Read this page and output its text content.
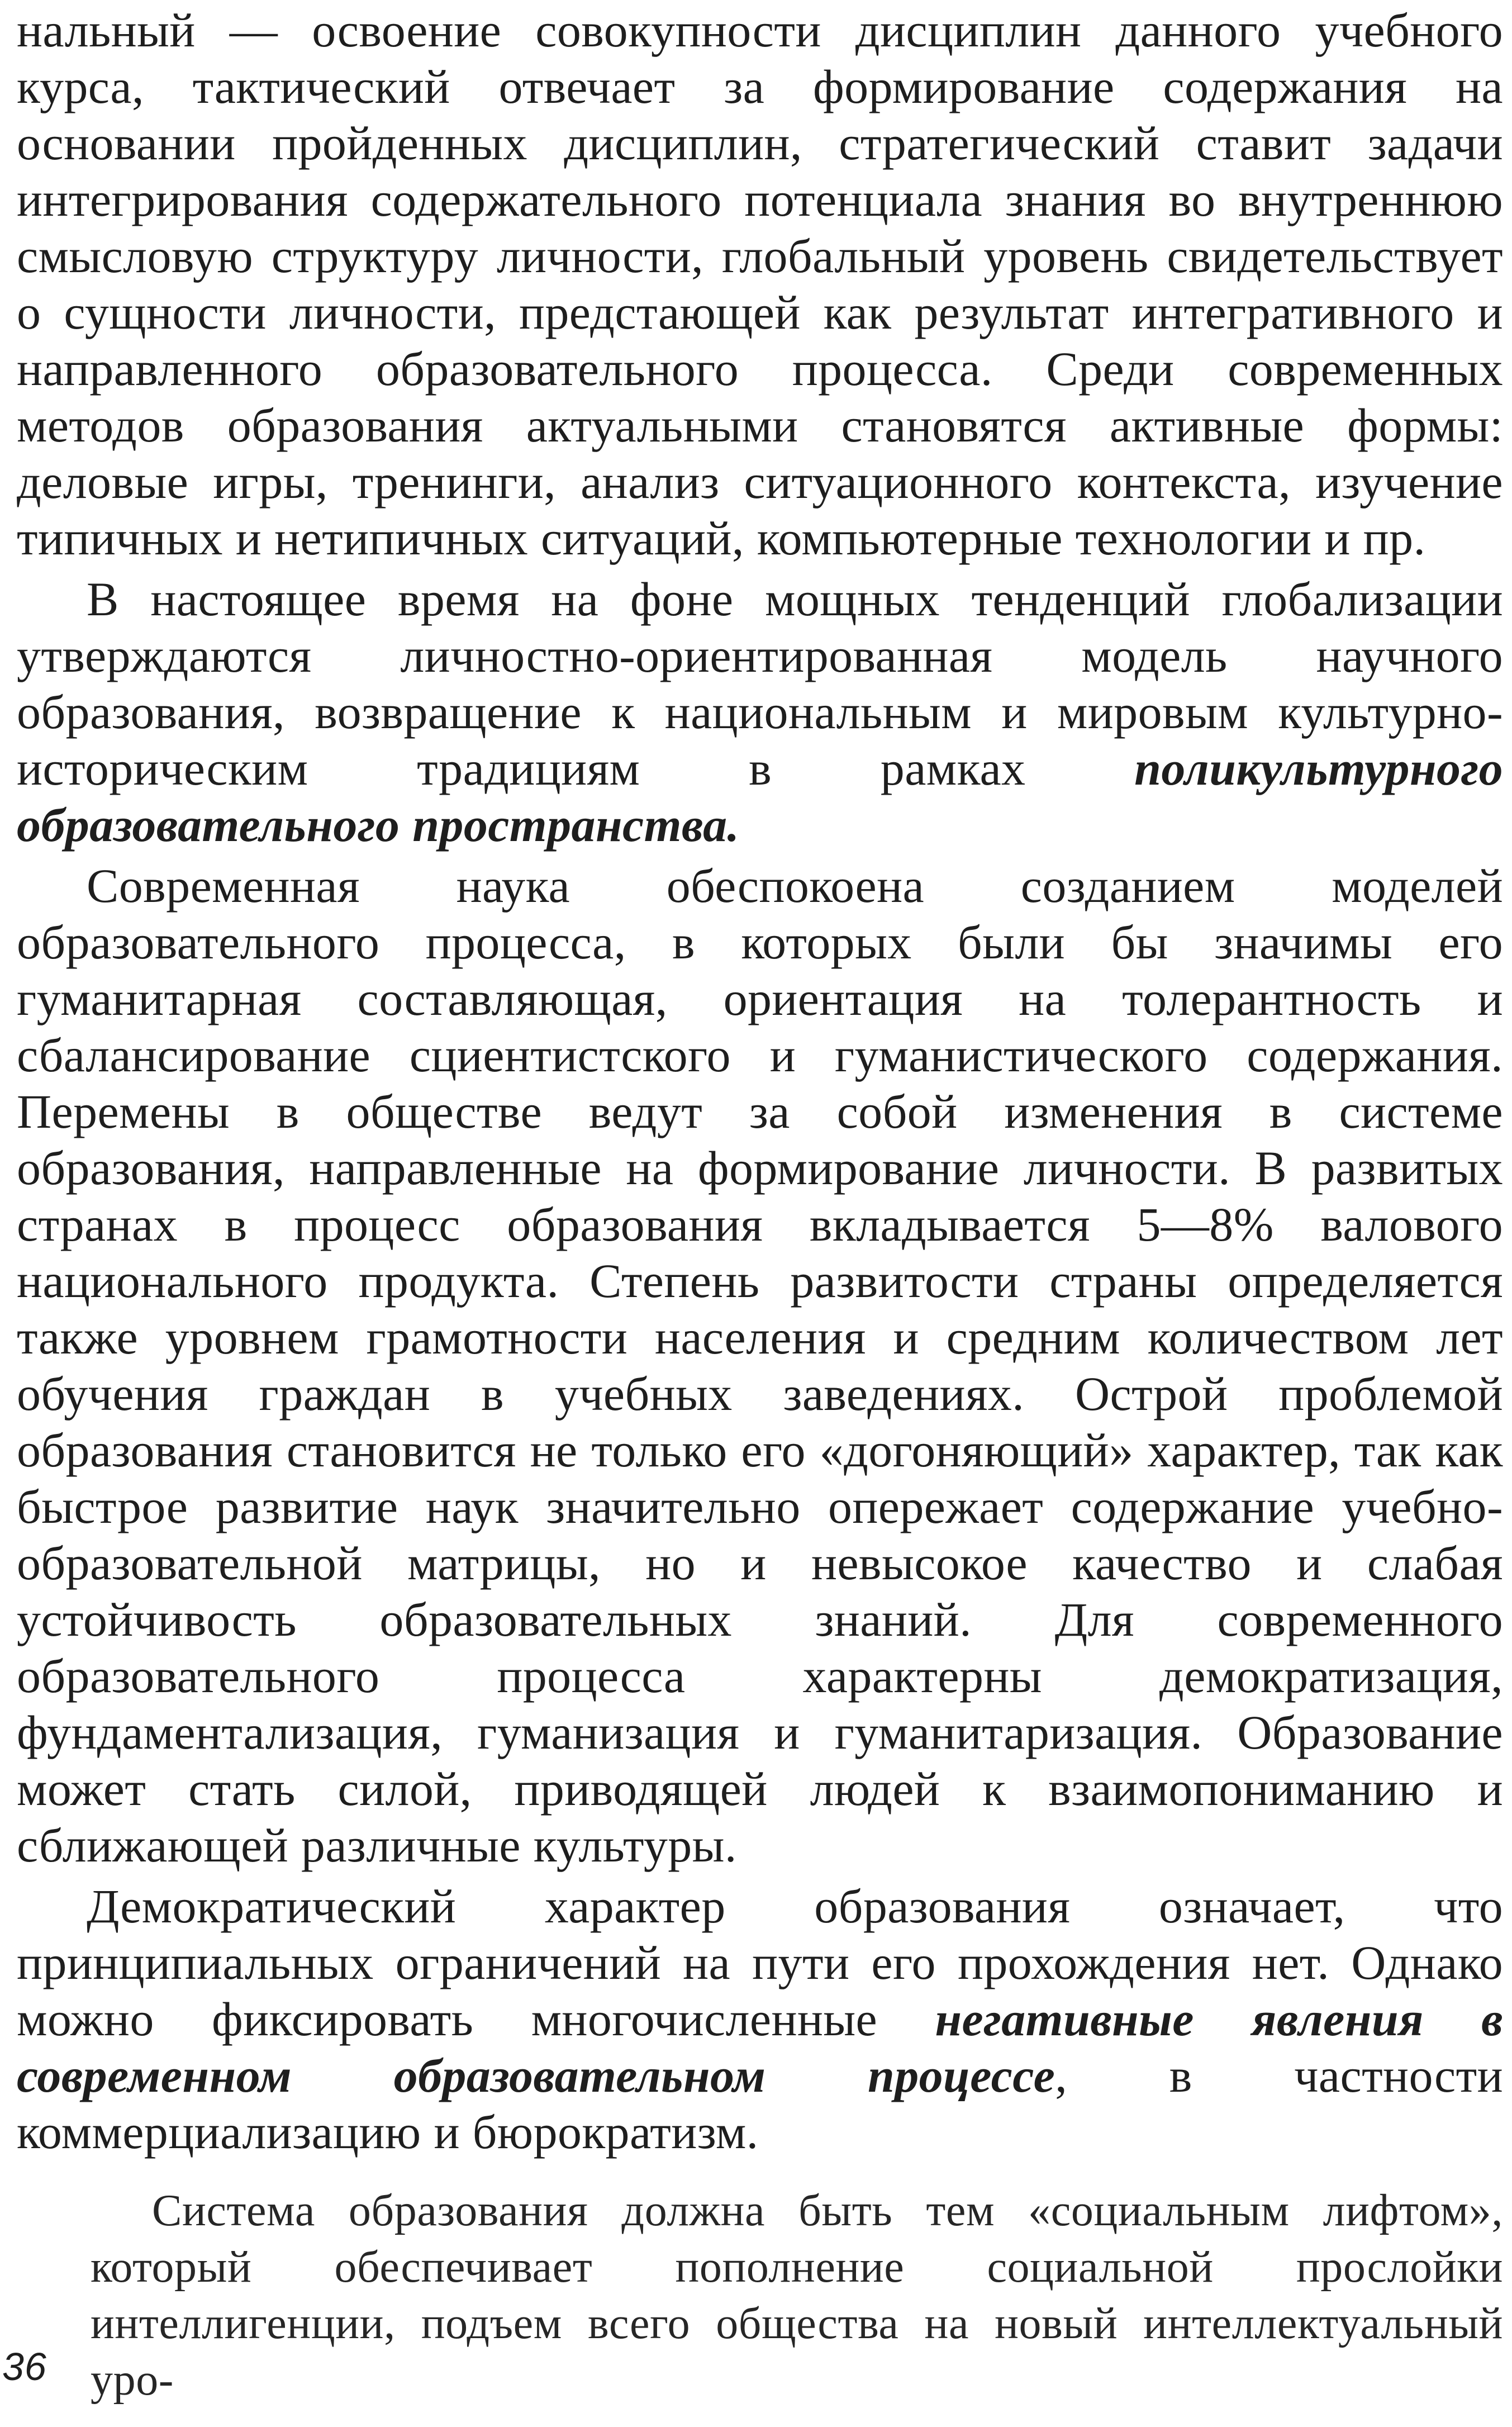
нальный — освоение совокупности дисциплин данного учебного курса, тактический отвечает за формирование содержания на основании пройденных дисциплин, стратегический ставит задачи интегрирования содержательного потенциала знания во внутреннюю смысловую структуру личности, глобальный уровень свидетельствует о сущности личности, предстающей как результат интегративного и направленного образовательного процесса. Среди современных методов образования актуальными становятся активные формы: деловые игры, тренинги, анализ ситуационного контекста, изучение типичных и нетипичных ситуаций, компьютерные технологии и пр.

В настоящее время на фоне мощных тенденций глобализации утверждаются личностно-ориентированная модель научного образования, возвращение к национальным и мировым культурно-историческим традициям в рамках поликультурного образовательного пространства.

Современная наука обеспокоена созданием моделей образовательного процесса, в которых были бы значимы его гуманитарная составляющая, ориентация на толерантность и сбалансирование сциентистского и гуманистического содержания. Перемены в обществе ведут за собой изменения в системе образования, направленные на формирование личности. В развитых странах в процесс образования вкладывается 5—8% валового национального продукта. Степень развитости страны определяется также уровнем грамотности населения и средним количеством лет обучения граждан в учебных заведениях. Острой проблемой образования становится не только его «догоняющий» характер, так как быстрое развитие наук значительно опережает содержание учебно-образовательной матрицы, но и невысокое качество и слабая устойчивость образовательных знаний. Для современного образовательного процесса характерны демократизация, фундаментализация, гуманизация и гуманитаризация. Образование может стать силой, приводящей людей к взаимопониманию и сближающей различные культуры.

Демократический характер образования означает, что принципиальных ограничений на пути его прохождения нет. Однако можно фиксировать многочисленные негативные явления в современном образовательном процессе, в частности коммерциализацию и бюрократизм.

Система образования должна быть тем «социальным лифтом», который обеспечивает пополнение социальной прослойки интеллигенции, подъем всего общества на новый интеллектуальный уро-

36
